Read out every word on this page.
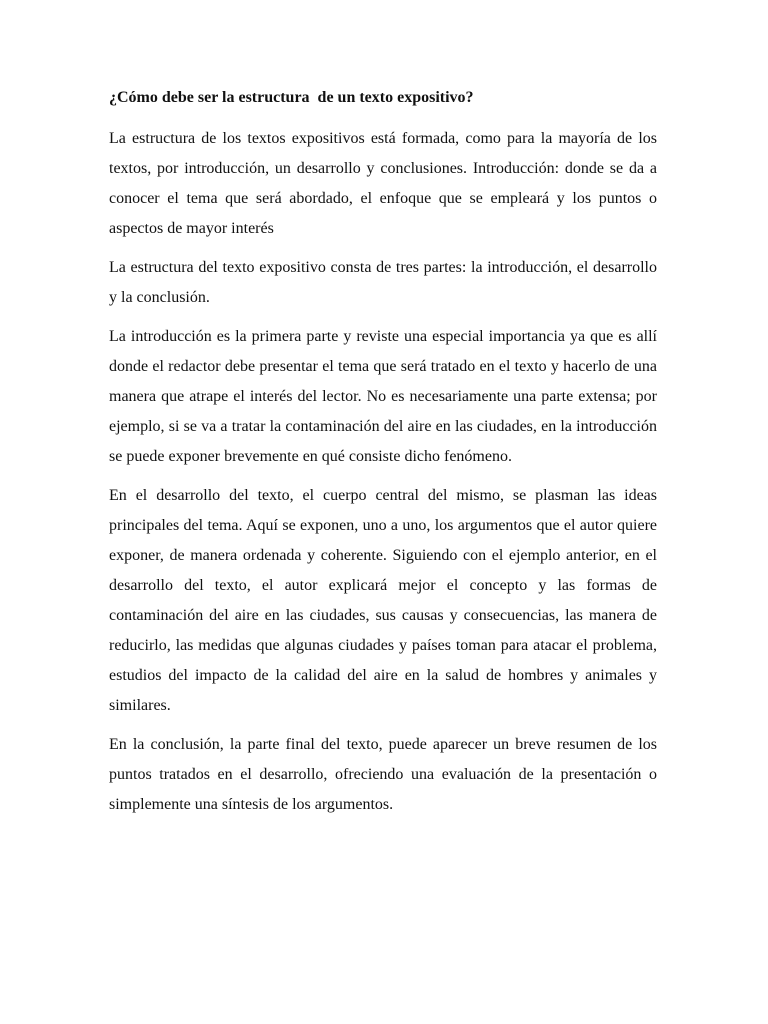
¿Cómo debe ser la estructura  de un texto expositivo?

La estructura de los textos expositivos está formada, como para la mayoría de los textos, por introducción, un desarrollo y conclusiones. Introducción: donde se da a conocer el tema que será abordado, el enfoque que se empleará y los puntos o aspectos de mayor interés

La estructura del texto expositivo consta de tres partes: la introducción, el desarrollo y la conclusión.

La introducción es la primera parte y reviste una especial importancia ya que es allí donde el redactor debe presentar el tema que será tratado en el texto y hacerlo de una manera que atrape el interés del lector. No es necesariamente una parte extensa; por ejemplo, si se va a tratar la contaminación del aire en las ciudades, en la introducción se puede exponer brevemente en qué consiste dicho fenómeno.

En el desarrollo del texto, el cuerpo central del mismo, se plasman las ideas principales del tema. Aquí se exponen, uno a uno, los argumentos que el autor quiere exponer, de manera ordenada y coherente. Siguiendo con el ejemplo anterior, en el desarrollo del texto, el autor explicará mejor el concepto y las formas de contaminación del aire en las ciudades, sus causas y consecuencias, las manera de reducirlo, las medidas que algunas ciudades y países toman para atacar el problema, estudios del impacto de la calidad del aire en la salud de hombres y animales y similares.

En la conclusión, la parte final del texto, puede aparecer un breve resumen de los puntos tratados en el desarrollo, ofreciendo una evaluación de la presentación o simplemente una síntesis de los argumentos.
